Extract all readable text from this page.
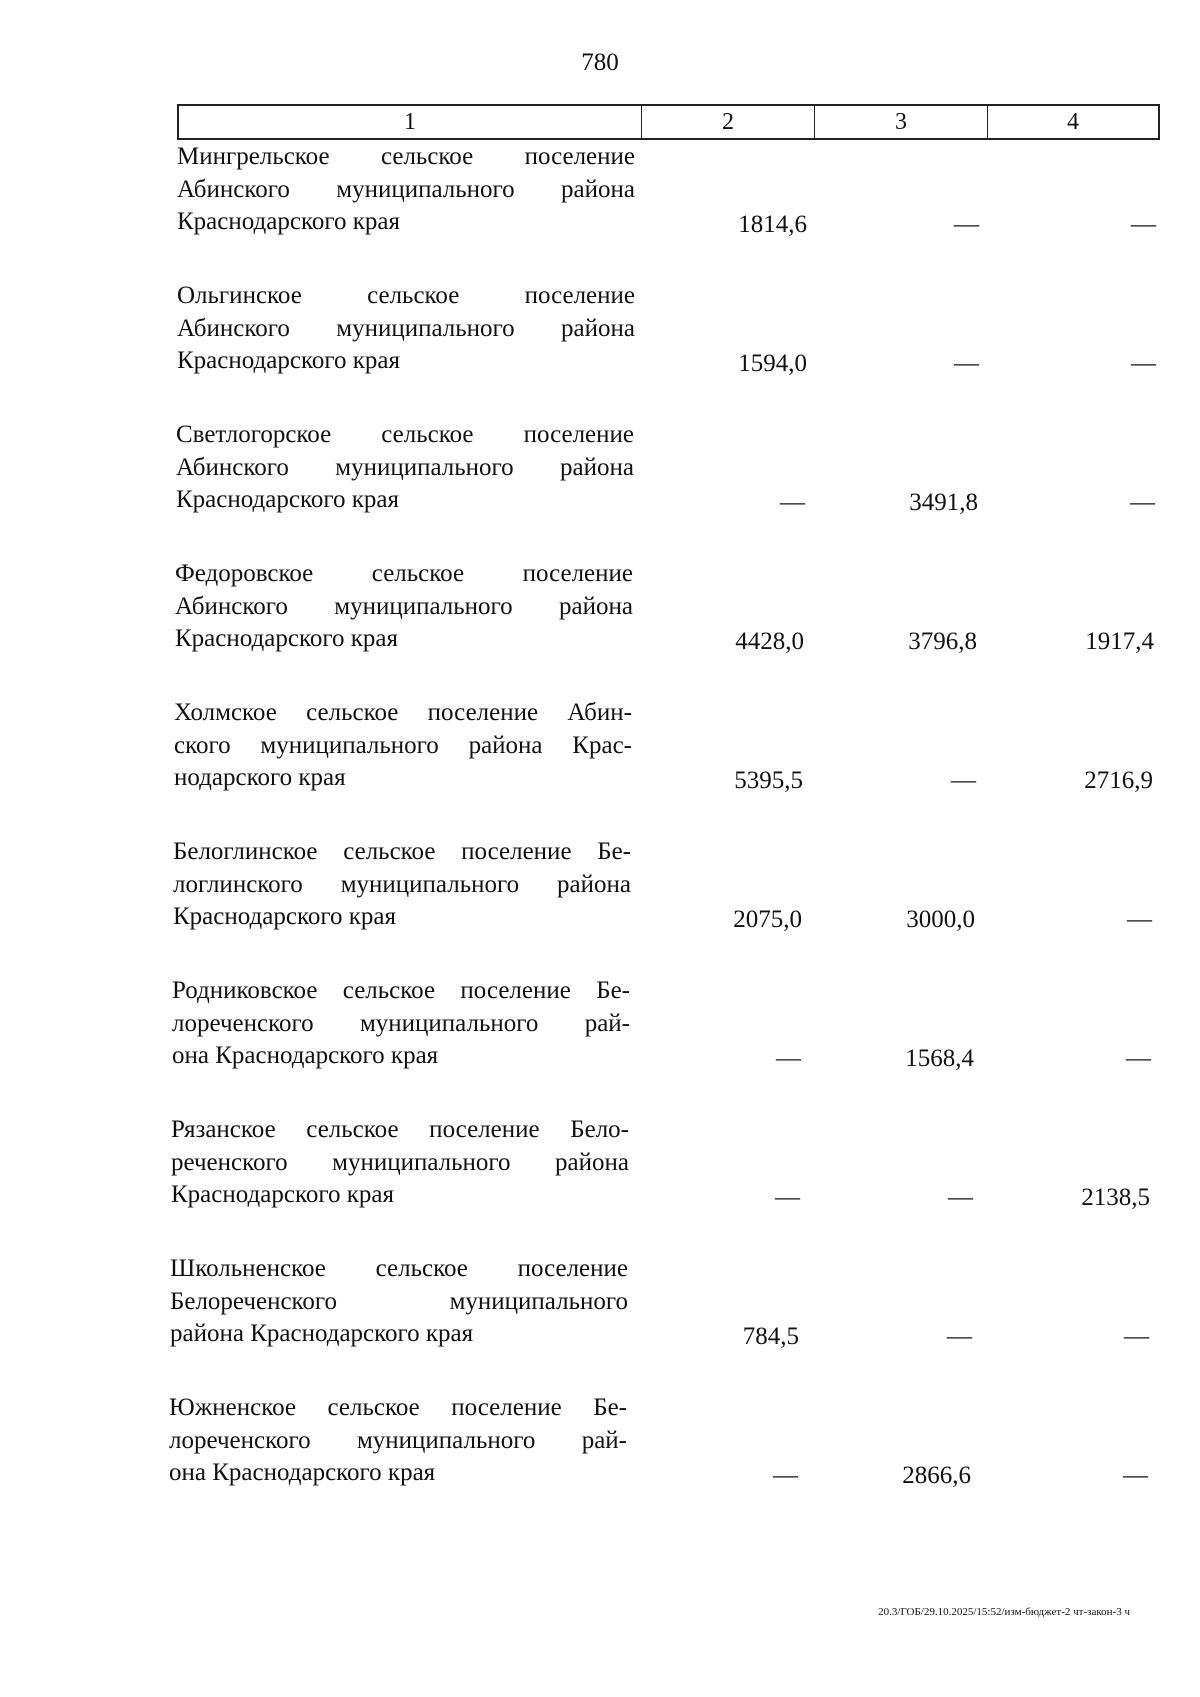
780
1	2	3	4
Мингрельское сельское поселение
Абинского муниципального района
Краснодарского края	1814,6	—	—
Ольгинское сельское поселение
Абинского муниципального района
Краснодарского края	1594,0	—	—
Светлогорское сельское поселение
Абинского муниципального района
Краснодарского края	—	3491,8	—
Федоровское сельское поселение
Абинского муниципального района
Краснодарского края	4428,0	3796,8	1917,4
Холмское сельское поселение Абин-
ского муниципального района Крас-
нодарского края	5395,5	—	2716,9
Белоглинское сельское поселение Бе-
логлинского муниципального района
Краснодарского края	2075,0	3000,0	—
Родниковское сельское поселение Бе-
лореченского муниципального рай-
она Краснодарского края	—	1568,4	—
Рязанское сельское поселение Бело-
реченского муниципального района
Краснодарского края	—	—	2138,5
Школьненское сельское поселение
Белореченского муниципального
района Краснодарского края	784,5	—	—
Южненское сельское поселение Бе-
лореченского муниципального рай-
она Краснодарского края	—	2866,6	—
20.3/ГОБ/29.10.2025/15:52/изм-бюджет-2 чт-закон-3 ч
